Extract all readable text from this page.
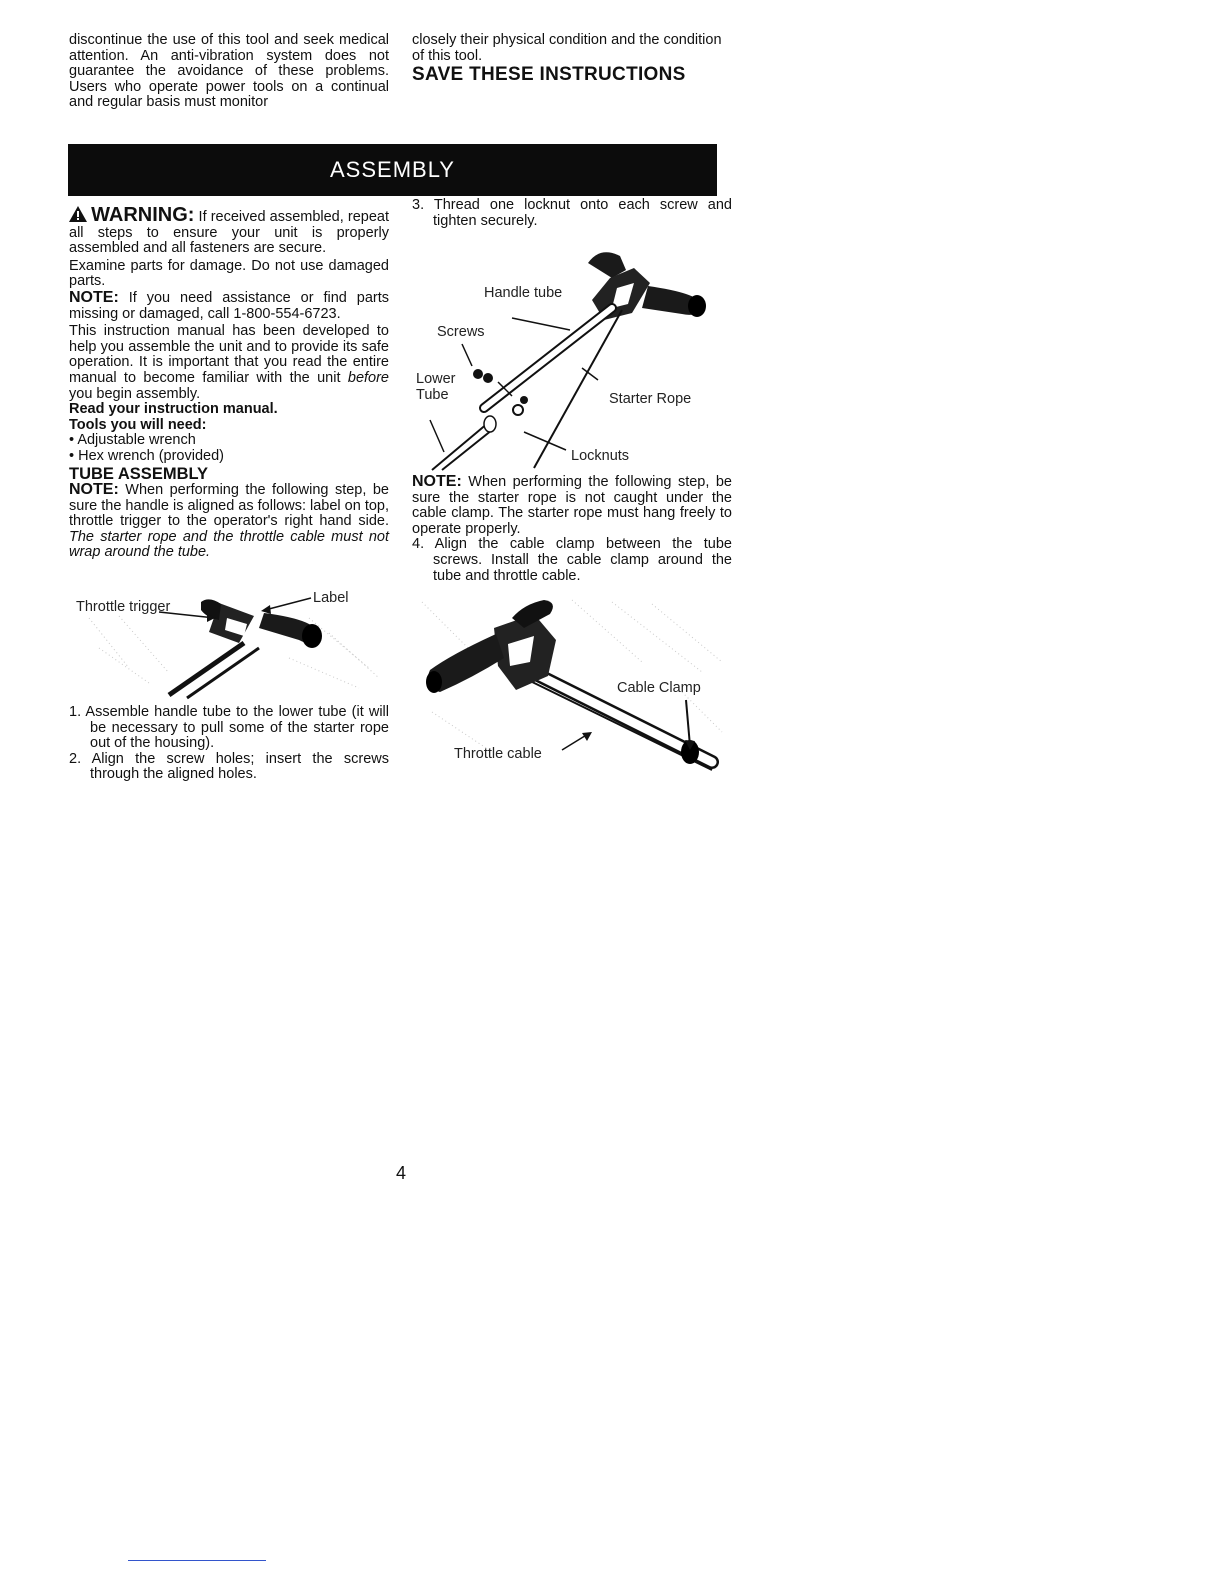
discontinue the use of this tool and seek medical attention. An anti-vibration system does not guarantee the avoidance of these problems. Users who operate power tools on a continual and regular basis must monitor

closely their physical condition and the condition of this tool.

SAVE THESE INSTRUCTIONS

ASSEMBLY

WARNING: If received assembled, repeat all steps to ensure your unit is properly assembled and all fasteners are secure.

Examine parts for damage. Do not use damaged parts.

NOTE: If you need assistance or find parts missing or damaged, call 1-800-554-6723.

This instruction manual has been developed to help you assemble the unit and to provide its safe operation. It is important that you read the entire manual to become familiar with the unit before you begin assembly.

Read your instruction manual.

Tools you will need:

• Adjustable wrench
• Hex wrench (provided)

TUBE ASSEMBLY

NOTE: When performing the following step, be sure the handle is aligned as follows: label on top, throttle trigger to the operator's right hand side. The starter rope and the throttle cable must not wrap around the tube.

Throttle trigger
Label

1. Assemble handle tube to the lower tube (it will be necessary to pull some of the starter rope out of the housing).

2. Align the screw holes; insert the screws through the aligned holes.

3. Thread one locknut onto each screw and tighten securely.

Handle tube
Screws
Lower
Tube	Starter Rope
Locknuts

NOTE: When performing the following step, be sure the starter rope is not caught under the cable clamp. The starter rope must hang freely to operate properly.

4. Align the cable clamp between the tube screws. Install the cable clamp around the tube and throttle cable.

Cable Clamp
Throttle cable
4
